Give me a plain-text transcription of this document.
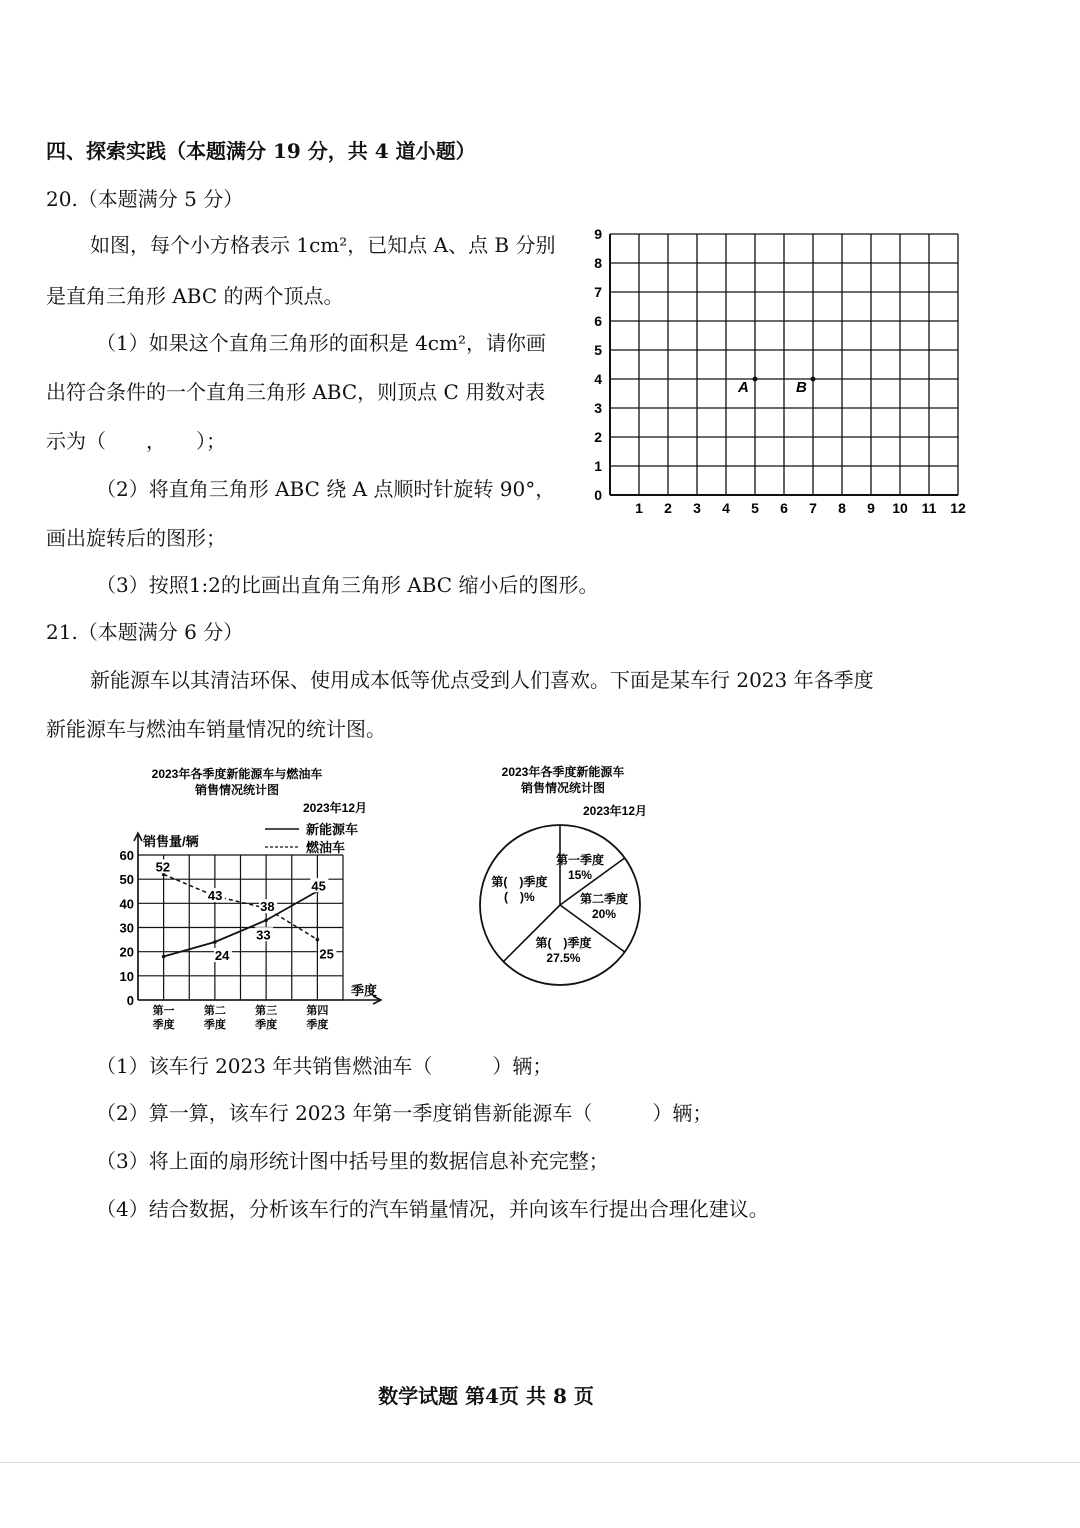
四、探索实践（本题满分 19 分，共 4 道小题）
20.（本题满分 5 分）
如图，每个小方格表示 1cm²，已知点 A、点 B 分别
是直角三角形 ABC 的两个顶点。
（1）如果这个直角三角形的面积是 4cm²，请你画
出符合条件的一个直角三角形 ABC，则顶点 C 用数对表
示为（　　，　　）；
（2）将直角三角形 ABC 绕 A 点顺时针旋转 90°，
画出旋转后的图形；
（3）按照1:2的比画出直角三角形 ABC 缩小后的图形。
1 2 3 4 5 6 7 8 9 10 11 12
0
1
2
3
4
5
6
7
8
9
A	B
21.（本题满分 6 分）
新能源车以其清洁环保、使用成本低等优点受到人们喜欢。下面是某车行 2023 年各季度
新能源车与燃油车销量情况的统计图。
2023年各季度新能源车与燃油车
销售情况统计图
2023年12月
新能源车
燃油车
销售量/辆
季度
0
10
20
30
40
50
60
第一
季度
第二
季度
第三
季度
第四
季度
24
33
45
52
43
38
25
2023年各季度新能源车
销售情况统计图
2023年12月
第一季度
15%
第二季度
20%
第(　)季度
27.5%
第(　)季度
(　)%
（1）该车行 2023 年共销售燃油车（　　　）辆；
（2）算一算，该车行 2023 年第一季度销售新能源车（　　　）辆；
（3）将上面的扇形统计图中括号里的数据信息补充完整；
（4）结合数据，分析该车行的汽车销量情况，并向该车行提出合理化建议。
数学试题 第4页 共 8 页
